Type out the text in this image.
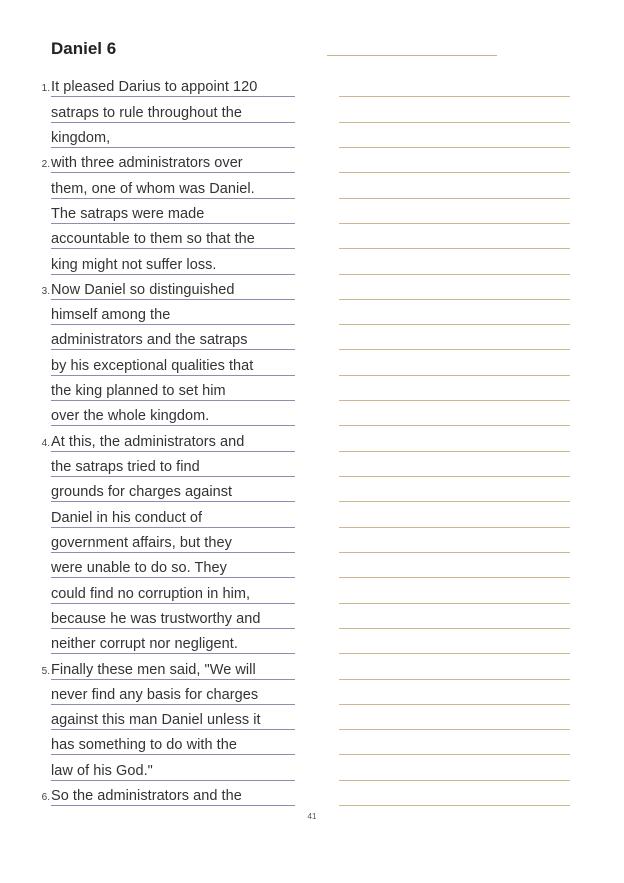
Daniel 6
1. It pleased Darius to appoint 120
satraps to rule throughout the
kingdom,
2. with three administrators over
them, one of whom was Daniel.
The satraps were made
accountable to them so that the
king might not suffer loss.
3. Now Daniel so distinguished
himself among the
administrators and the satraps
by his exceptional qualities that
the king planned to set him
over the whole kingdom.
4. At this, the administrators and
the satraps tried to find
grounds for charges against
Daniel in his conduct of
government affairs, but they
were unable to do so. They
could find no corruption in him,
because he was trustworthy and
neither corrupt nor negligent.
5. Finally these men said, "We will
never find any basis for charges
against this man Daniel unless it
has something to do with the
law of his God."
6. So the administrators and the
41
